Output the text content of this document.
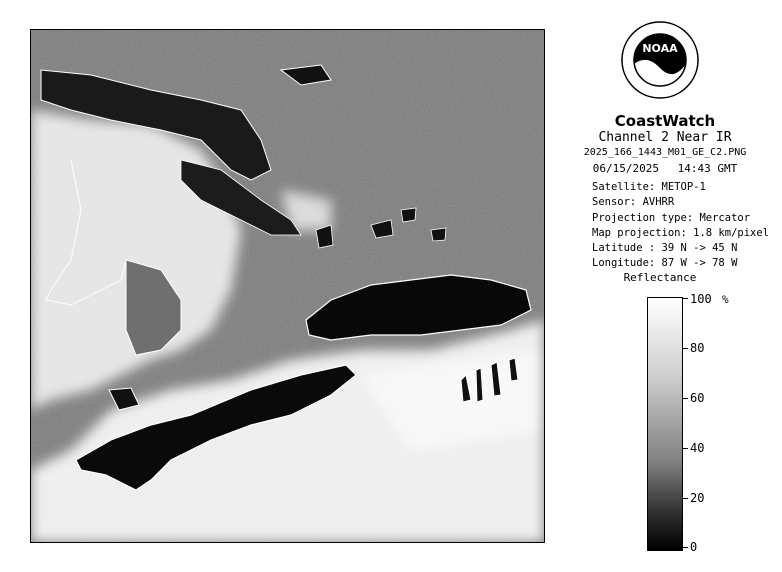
NOAA
CoastWatch
Channel 2 Near IR
2025_166_1443_M01_GE_C2.PNG
06/15/2025 14:43 GMT
Satellite: METOP-1
Sensor: AVHRR
Projection type: Mercator
Map projection: 1.8 km/pixel
Latitude : 39 N -> 45 N
Longitude: 87 W -> 78 W
Reflectance
%
100
80
60
40
20
0
